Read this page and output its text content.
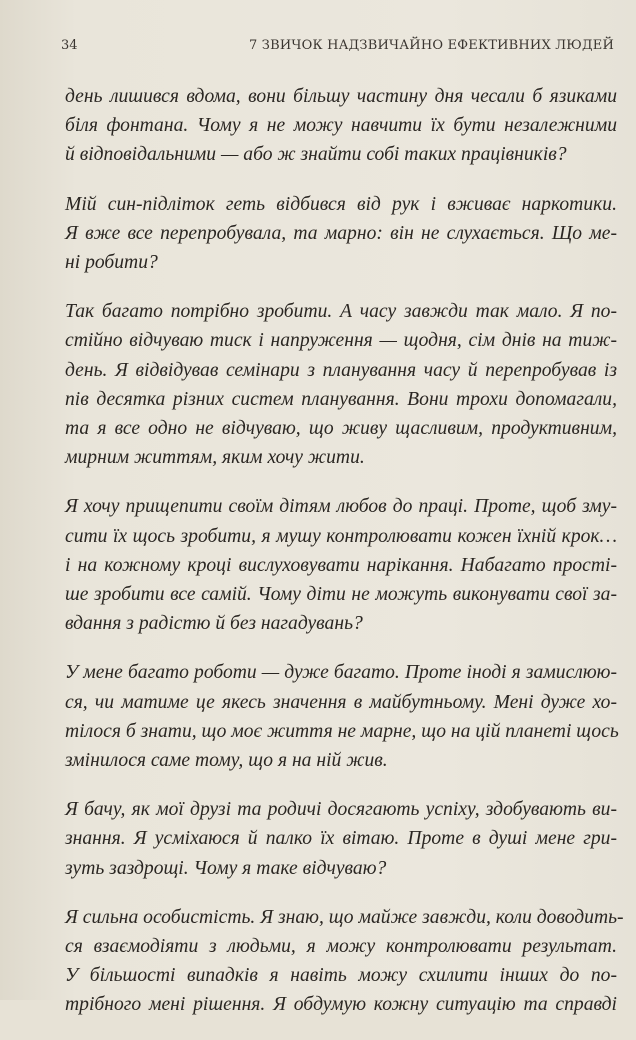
34	7 ЗВИЧОК НАДЗВИЧАЙНО ЕФЕКТИВНИХ ЛЮДЕЙ
день лишився вдома, вони більшу частину дня чесали б язиками
біля фонтана. Чому я не можу навчити їх бути незалежними
й відповідальними — або ж знайти собі таких працівників?
Мій син-підліток геть відбився від рук і вживає наркотики.
Я вже все перепробувала, та марно: він не слухається. Що ме-
ні робити?
Так багато потрібно зробити. А часу завжди так мало. Я по-
стійно відчуваю тиск і напруження — щодня, сім днів на тиж-
день. Я відвідував семінари з планування часу й перепробував із
пів десятка різних систем планування. Вони трохи допомагали,
та я все одно не відчуваю, що живу щасливим, продуктивним,
мирним життям, яким хочу жити.
Я хочу прищепити своїм дітям любов до праці. Проте, щоб зму-
сити їх щось зробити, я мушу контролювати кожен їхній крок…
і на кожному кроці вислуховувати нарікання. Набагато прості-
ше зробити все самій. Чому діти не можуть виконувати свої за-
вдання з радістю й без нагадувань?
У мене багато роботи — дуже багато. Проте іноді я замислюю-
ся, чи матиме це якесь значення в майбутньому. Мені дуже хо-
тілося б знати, що моє життя не марне, що на цій планеті щось
змінилося саме тому, що я на ній жив.
Я бачу, як мої друзі та родичі досягають успіху, здобувають ви-
знання. Я усміхаюся й палко їх вітаю. Проте в душі мене гри-
зуть заздрощі. Чому я таке відчуваю?
Я сильна особистість. Я знаю, що майже завжди, коли доводить-
ся взаємодіяти з людьми, я можу контролювати результат.
У більшості випадків я навіть можу схилити інших до по-
трібного мені рішення. Я обдумую кожну ситуацію та справді
